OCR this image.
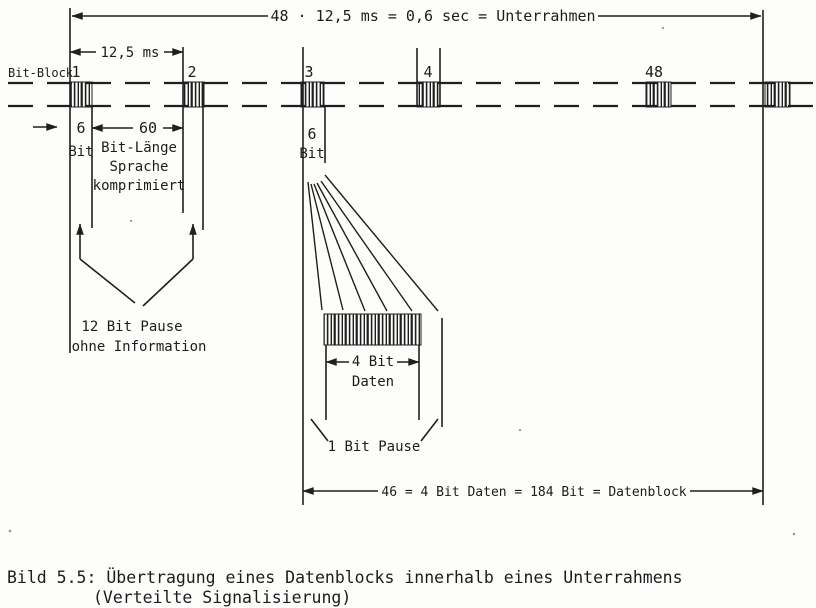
48 · 12,5 ms = 0,6 sec = Unterrahmen
12,5 ms
Bit-Block
1	2	3	4	48
6
Bit
60
Bit-Länge
Sprache
komprimiert
12 Bit Pause
ohne Information
6
Bit
4 Bit
Daten
1 Bit Pause
46 = 4 Bit Daten = 184 Bit = Datenblock
Bild 5.5: Übertragung eines Datenblocks innerhalb eines Unterrahmens
(Verteilte Signalisierung)
